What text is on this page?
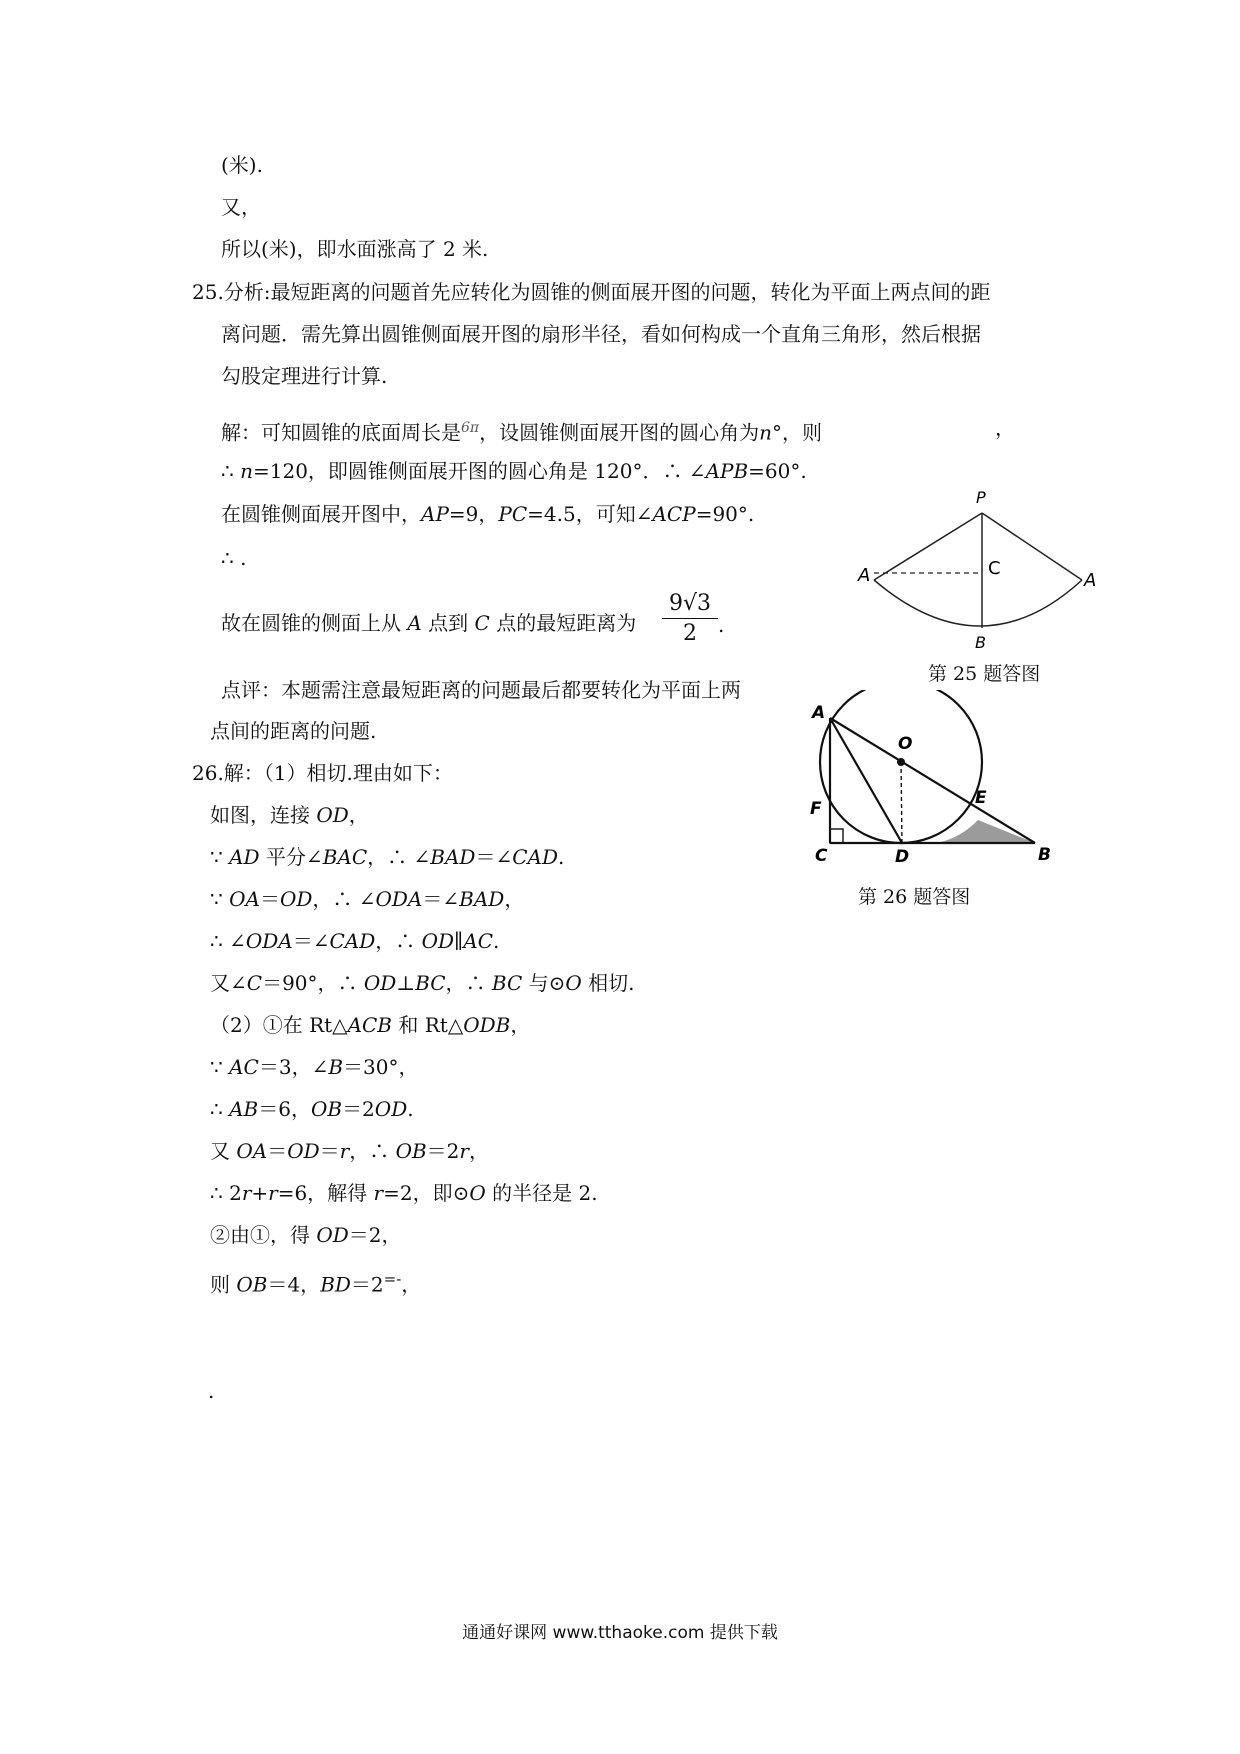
(米).
又，
所以(米)，即水面涨高了 2 米.
25.分析:最短距离的问题首先应转化为圆锥的侧面展开图的问题，转化为平面上两点间的距
离问题．需先算出圆锥侧面展开图的扇形半径，看如何构成一个直角三角形，然后根据
勾股定理进行计算.
解：可知圆锥的底面周长是$^{6\pi}$，设圆锥侧面展开图的圆心角为n°，则	，
∴ n=120，即圆锥侧面展开图的圆心角是 120°．∴ ∠APB=60°.
在圆锥侧面展开图中，AP=9，PC=4.5，可知∠ACP=90°.
∴ .
故在圆锥的侧面上从 A 点到 C 点的最短距离为 $\frac{9√3}{2}$ .
点评：本题需注意最短距离的问题最后都要转化为平面上两
点间的距离的问题.
26.解：（1）相切.理由如下：
如图，连接 OD，
∵ AD 平分∠BAC，∴ ∠BAD＝∠CAD.
∵ OA＝OD，∴ ∠ODA＝∠BAD，
∴ ∠ODA＝∠CAD，∴ OD∥AC.
又∠C＝90°，∴ OD⊥BC，∴ BC 与⊙O 相切.
（2）①在 Rt△ACB 和 Rt△ODB，
∵ AC＝3，∠B＝30°，
∴ AB＝6，OB＝2OD.
又 OA＝OD＝r，∴ OB＝2r，
∴ 2r+r=6，解得 r=2，即⊙O 的半径是 2.
②由①，得 OD＝2，
则 OB＝4，BD＝2=-，
.
P
A	C
A
B
第 25 题答图
A
O
E
F
C	D	B
第 26 题答图
通通好课网 www.tthaoke.com 提供下载
